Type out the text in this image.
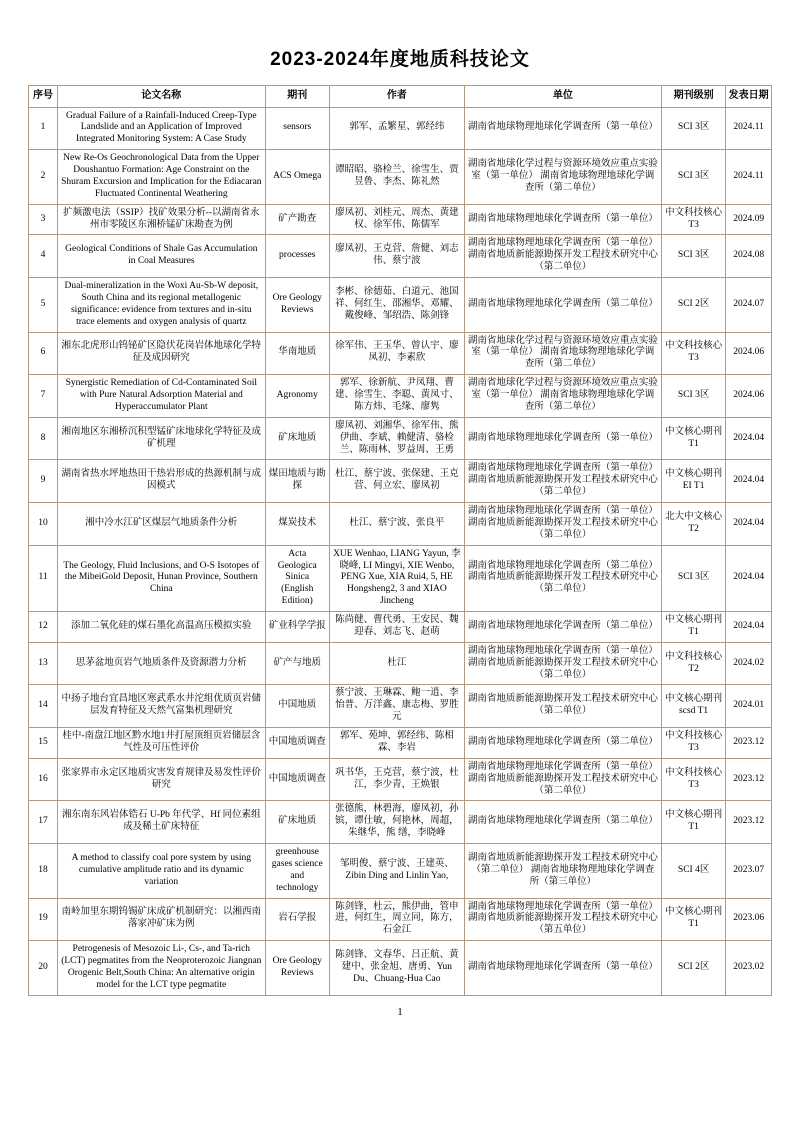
2023-2024年度地质科技论文
序号	论文名称	期刊	作者	单位	期刊级别	发表日期
1	Gradual Failure of a Rainfall-Induced Creep-Type Landslide and an Application of Improved Integrated Monitoring System: A Case Study	sensors	郭军、孟繁星、郭经纬	湖南省地球物理地球化学调查所（第一单位）	SCI 3区	2024.11
2	New Re-Os Geochronological Data from the Upper Doushantuo Formation: Age Constraint on the Shuram Excursion and Implication for the Ediacaran Fluctuated Continental Weathering	ACS Omega	谭昭昭、骆检兰、徐雪生、贾昱鲁、李杰、陈礼然	湖南省地球化学过程与资源环境效应重点实验室（第一单位） 湖南省地球物理地球化学调查所（第二单位）	SCI 3区	2024.11
3	扩频激电法（SSIP）找矿效果分析--以湖南省永州市零陵区东湘桥锰矿床勘查为例	矿产勘查	廖凤初、刘桂元、周杰、黄建权、徐军伟、陈儒军	湖南省地球物理地球化学调查所（第一单位）	中文科技核心T3	2024.09
4	Geological Conditions of Shale Gas Accumulation in Coal Measures	processes	廖凤初、王克营、詹健、刘志伟、蔡宁波	湖南省地球物理地球化学调查所（第一单位） 湖南省地质新能源勘探开发工程技术研究中心（第二单位）	SCI 3区	2024.08
5	Dual-mineralization in the Woxi Au-Sb-W deposit, South China and its regional metallogenic significance: evidence from textures and in-situ trace elements and oxygen analysis of quartz	Ore Geology Reviews	李彬、徐德茹、白道元、池国祥、何红生、邵湘华、邓耀、戴俊峰、邹绍浩、陈剑锋	湖南省地球物理地球化学调查所（第二单位）	SCI 2区	2024.07
6	湘东北虎形山钨铋矿区隐伏花岗岩体地球化学特征及成因研究	华南地质	徐军伟、王玉华、曾认宇、廖凤初、李素欣	湖南省地球化学过程与资源环境效应重点实验室（第一单位） 湖南省地球物理地球化学调查所（第二单位）	中文科技核心T3	2024.06
7	Synergistic Remediation of Cd-Contaminated Soil with Pure Natural Adsorption Material and Hyperaccumulator Plant	Agronomy	郭军、徐新航、尹凤翔、曹建、徐雪生、李聪、黄凤寸、陈方炜、毛缘、廖隽	湖南省地球化学过程与资源环境效应重点实验室（第一单位） 湖南省地球物理地球化学调查所（第二单位）	SCI 3区	2024.06
8	湘南地区东湘桥沉积型锰矿床地球化学特征及成矿机理	矿床地质	廖凤初、刘湘华、徐军伟、熊伊曲、李斌、赖健清、骆检兰、陈雨林、罗益周、王勇	湖南省地球物理地球化学调查所（第一单位）	中文核心期刊T1	2024.04
9	湖南省热水坪地热田干热岩形成的热源机制与成因模式	煤田地质与勘探	杜江、蔡宁波、张保建、王克营、何立宏、廖凤初	湖南省地球物理地球化学调查所（第一单位）湖南省地质新能源勘探开发工程技术研究中心（第二单位）	中文核心期刊EI T1	2024.04
10	湘中冷水江矿区煤层气地质条件分析	煤炭技术	杜江、蔡宁波、张良平	湖南省地球物理地球化学调查所（第一单位） 湖南省地质新能源勘探开发工程技术研究中心（第二单位）	北大中文核心T2	2024.04
11	The Geology, Fluid Inclusions, and O-S Isotopes of the MibeiGold Deposit, Hunan Province, Southern China	Acta Geologica Sinica (English Edition)	XUE Wenhao, LIANG Yayun, 李晓峰, LI Mingyi, XIE Wenbo, PENG Xue, XIA Rui4, 5, HE Hongsheng2, 3 and XIAO Jincheng	湖南省地球物理地球化学调查所（第二单位） 湖南省地质新能源勘探开发工程技术研究中心（第二单位）	SCI 3区	2024.04
12	添加二氧化硅的煤石墨化高温高压模拟实验	矿业科学学报	陈尚健、曹代勇、王安民、魏迎春、刘志飞、赵萌	湖南省地球物理地球化学调查所（第二单位）	中文核心期刊T1	2024.04
13	思茅盆地页岩气地质条件及资源潜力分析	矿产与地质	杜江	湖南省地球物理地球化学调查所（第一单位）湖南省地质新能源勘探开发工程技术研究中心（第二单位）	中文科技核心T2	2024.02
14	中扬子地台宜昌地区寒武系水井沱组优质页岩储层发育特征及天然气富集机理研究	中国地质	蔡宁波、王琳霖、鲍一逍、李怡普、万洋鑫、康志梅、罗胜元	湖南省地质新能源勘探开发工程技术研究中心（第二单位）	中文核心期刊scsd T1	2024.01
15	桂中-南盘江地区黔水地1井打屋顶组页岩储层含气性及可压性评价	中国地质调查	郭军、苑坤、郭经纬、陈相霖、李岩	湖南省地球物理地球化学调查所（第二单位）	中文科技核心T3	2023.12
16	张家界市永定区地质灾害发育规律及易发性评价研究	中国地质调查	巩书华，王克营，蔡宁波，杜江，李少青，王焕银	湖南省地球物理地球化学调查所（第一单位）湖南省地质新能源勘探开发工程技术研究中心（第二单位）	中文科技核心T3	2023.12
17	湘东南东风岩体锆石 U-Pb 年代学、Hf 同位素组成及稀土矿床特征	矿床地质	张德熊，林碧海，廖凤初，孙 镔，谭仕敏，何艳林，周超，朱继华，熊 缮，李晓峰	湖南省地球物理地球化学调查所（第二单位）	中文核心期刊T1	2023.12
18	A method to classify coal pore system by using cumulative amplitude ratio and its dynamic variation	greenhouse gases science and technology	邹明俊、蔡宁波、王建英、Zibin Ding and Linlin Yao,	湖南省地质新能源勘探开发工程技术研究中心（第二单位） 湖南省地球物理地球化学调查所（第三单位）	SCI 4区	2023.07
19	南岭加里东期钨锡矿床成矿机制研究：以湘西南落家冲矿床为例	岩石学报	陈剑锋，杜云，熊伊曲，管申进，何红生，周立同，陈方，石金江	湖南省地球物理地球化学调查所（第一单位）湖南省地质新能源勘探开发工程技术研究中心（第五单位）	中文核心期刊T1	2023.06
20	Petrogenesis of Mesozoic Li-, Cs-, and Ta-rich (LCT) pegmatites from the Neoproterozoic Jiangnan Orogenic Belt,South China: An alternative origin model for the LCT type pegmatite	Ore Geology Reviews	陈剑锋、文春华、吕正航、黄建中、张金旭、唐勇、Yun Du、Chuang-Hua Cao	湖南省地球物理地球化学调查所（第一单位）	SCI 2区	2023.02
1
